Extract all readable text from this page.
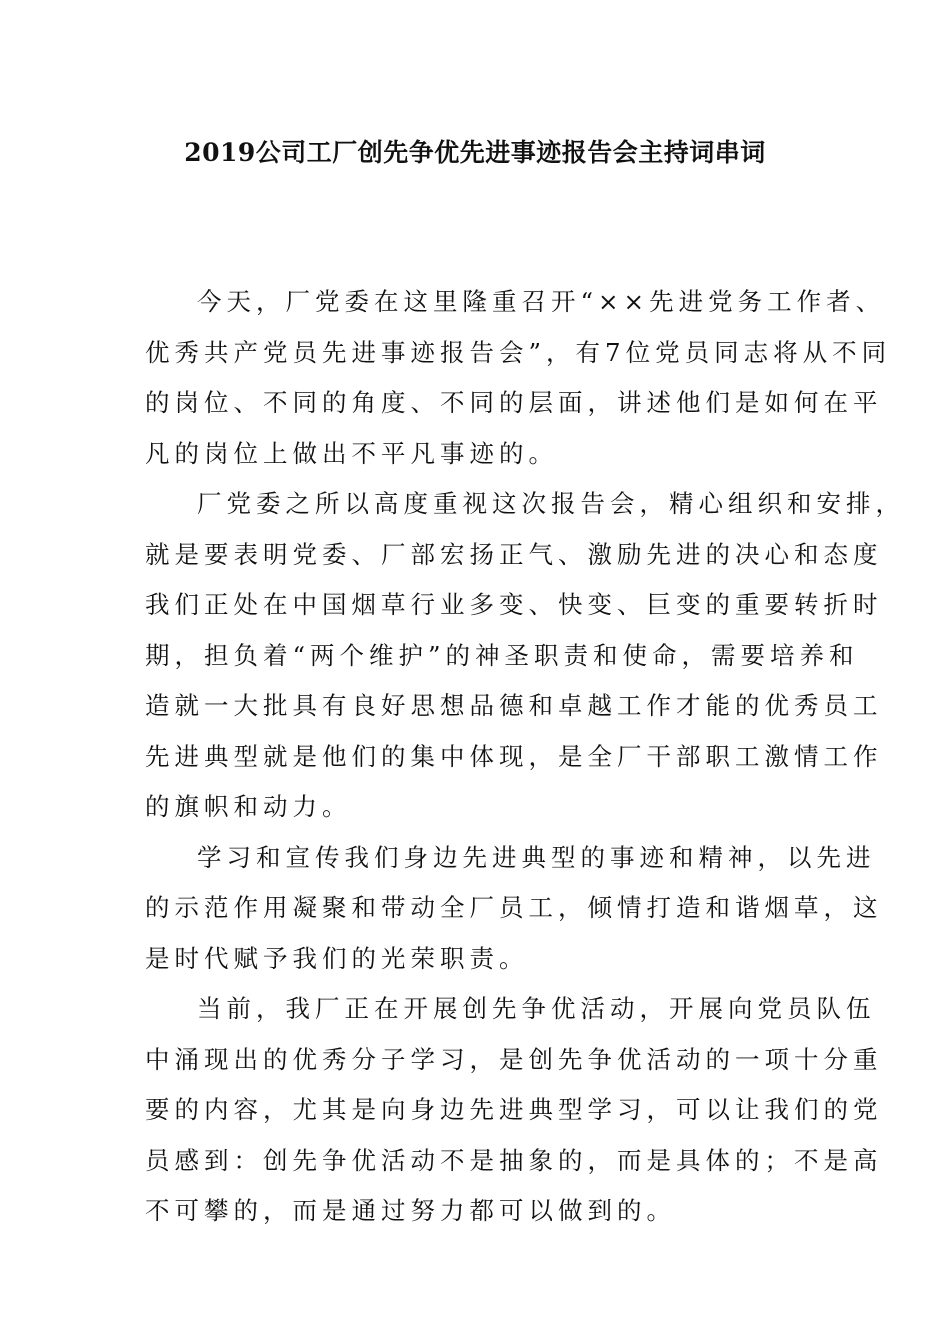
2019公司工厂创先争优先进事迹报告会主持词串词

今天，厂党委在这里隆重召开“××先进党务工作者、
优秀共产党员先进事迹报告会”，有7位党员同志将从不同
的岗位、不同的角度、不同的层面，讲述他们是如何在平
凡的岗位上做出不平凡事迹的。

厂党委之所以高度重视这次报告会，精心组织和安排，
就是要表明党委、厂部宏扬正气、激励先进的决心和态度
我们正处在中国烟草行业多变、快变、巨变的重要转折时
期，担负着“两个维护”的神圣职责和使命，需要培养和
造就一大批具有良好思想品德和卓越工作才能的优秀员工
先进典型就是他们的集中体现，是全厂干部职工激情工作
的旗帜和动力。

学习和宣传我们身边先进典型的事迹和精神，以先进
的示范作用凝聚和带动全厂员工，倾情打造和谐烟草，这
是时代赋予我们的光荣职责。

当前，我厂正在开展创先争优活动，开展向党员队伍
中涌现出的优秀分子学习，是创先争优活动的一项十分重
要的内容，尤其是向身边先进典型学习，可以让我们的党
员感到：创先争优活动不是抽象的，而是具体的；不是高
不可攀的，而是通过努力都可以做到的。
